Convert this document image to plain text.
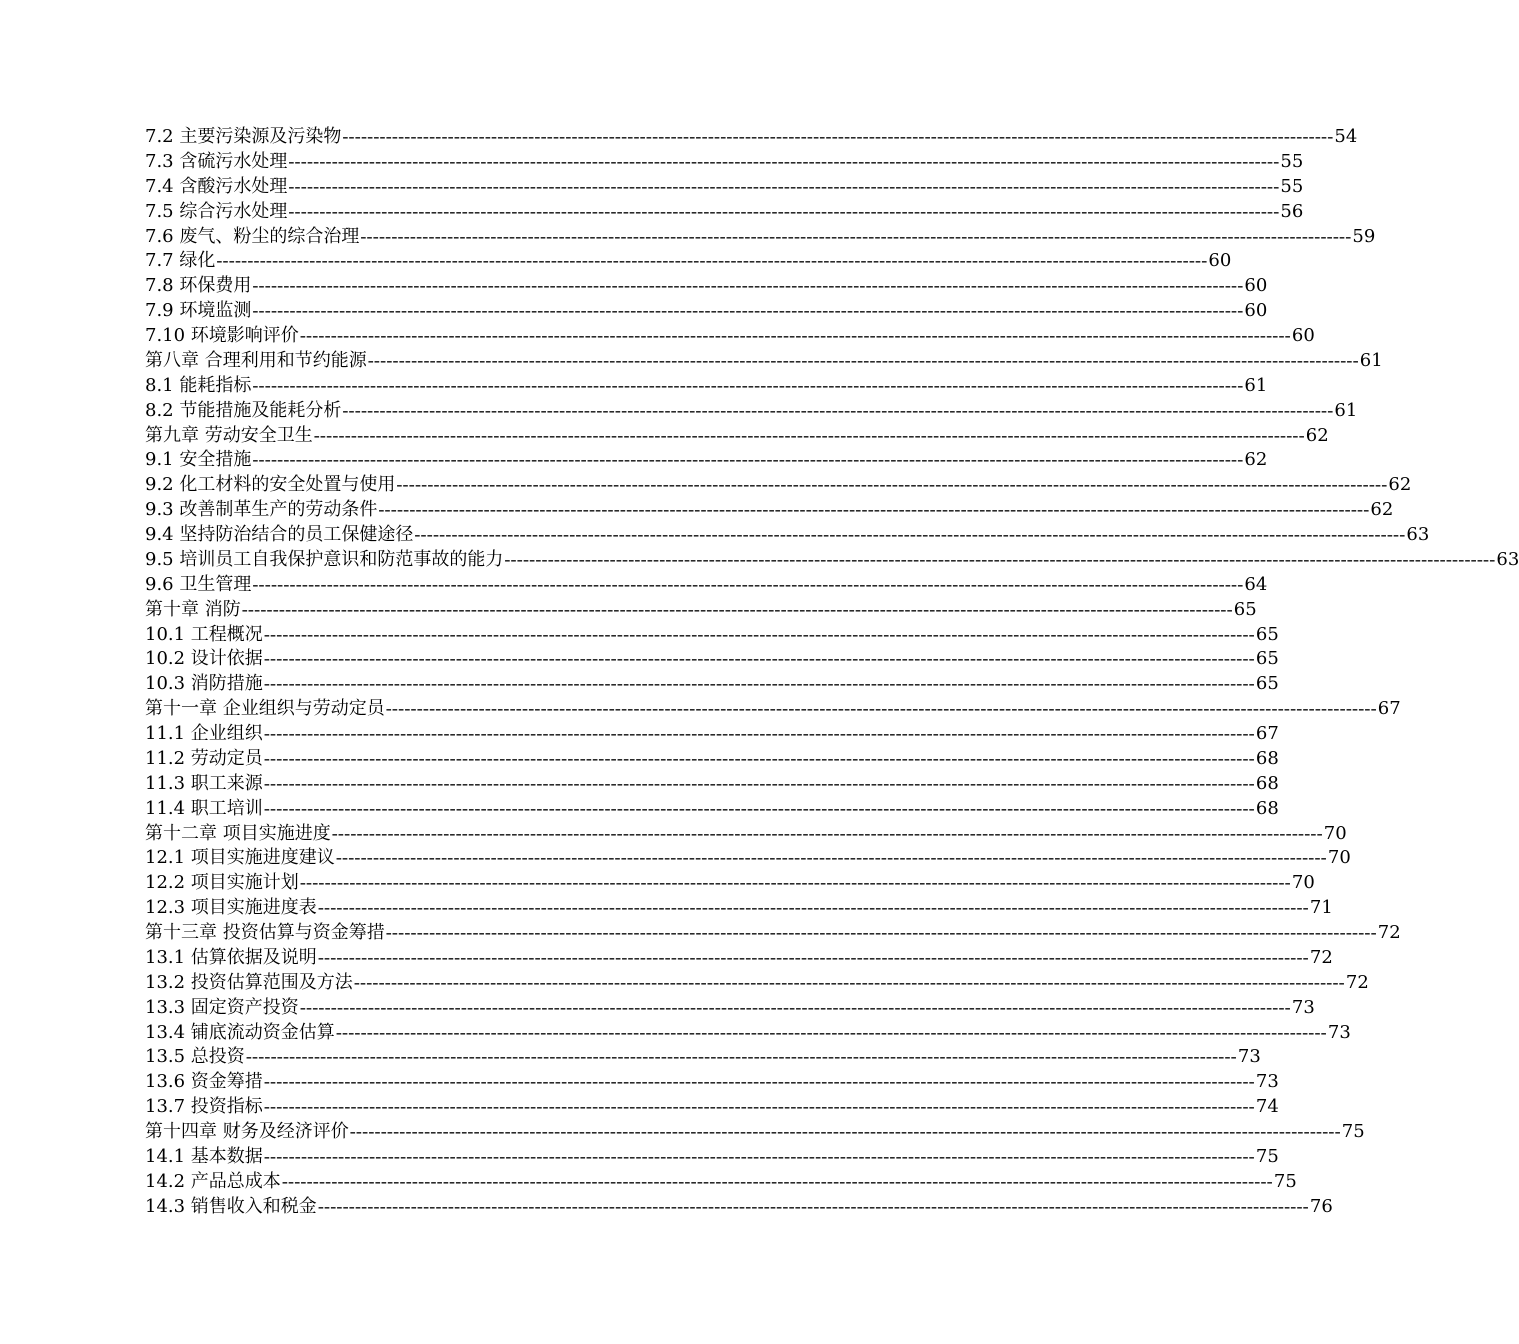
7.2 主要污染源及污染物 ---------------------------------------------------------------------------------------------------------------------------------------------------------------- 54
7.3 含硫污水处理 ---------------------------------------------------------------------------------------------------------------------------------------------------------------- 55
7.4 含酸污水处理 ---------------------------------------------------------------------------------------------------------------------------------------------------------------- 55
7.5 综合污水处理 ---------------------------------------------------------------------------------------------------------------------------------------------------------------- 56
7.6 废气、粉尘的综合治理 ---------------------------------------------------------------------------------------------------------------------------------------------------------------- 59
7.7 绿化 ---------------------------------------------------------------------------------------------------------------------------------------------------------------- 60
7.8 环保费用 ---------------------------------------------------------------------------------------------------------------------------------------------------------------- 60
7.9 环境监测 ---------------------------------------------------------------------------------------------------------------------------------------------------------------- 60
7.10 环境影响评价 ---------------------------------------------------------------------------------------------------------------------------------------------------------------- 60
第八章 合理利用和节约能源 ---------------------------------------------------------------------------------------------------------------------------------------------------------------- 61
8.1 能耗指标 ---------------------------------------------------------------------------------------------------------------------------------------------------------------- 61
8.2 节能措施及能耗分析 ---------------------------------------------------------------------------------------------------------------------------------------------------------------- 61
第九章 劳动安全卫生 ---------------------------------------------------------------------------------------------------------------------------------------------------------------- 62
9.1 安全措施 ---------------------------------------------------------------------------------------------------------------------------------------------------------------- 62
9.2 化工材料的安全处置与使用 ---------------------------------------------------------------------------------------------------------------------------------------------------------------- 62
9.3 改善制革生产的劳动条件 ---------------------------------------------------------------------------------------------------------------------------------------------------------------- 62
9.4 坚持防治结合的员工保健途径 ---------------------------------------------------------------------------------------------------------------------------------------------------------------- 63
9.5 培训员工自我保护意识和防范事故的能力 ---------------------------------------------------------------------------------------------------------------------------------------------------------------- 63
9.6 卫生管理 ---------------------------------------------------------------------------------------------------------------------------------------------------------------- 64
第十章 消防 ---------------------------------------------------------------------------------------------------------------------------------------------------------------- 65
10.1 工程概况 ---------------------------------------------------------------------------------------------------------------------------------------------------------------- 65
10.2 设计依据 ---------------------------------------------------------------------------------------------------------------------------------------------------------------- 65
10.3 消防措施 ---------------------------------------------------------------------------------------------------------------------------------------------------------------- 65
第十一章 企业组织与劳动定员 ---------------------------------------------------------------------------------------------------------------------------------------------------------------- 67
11.1 企业组织 ---------------------------------------------------------------------------------------------------------------------------------------------------------------- 67
11.2 劳动定员 ---------------------------------------------------------------------------------------------------------------------------------------------------------------- 68
11.3 职工来源 ---------------------------------------------------------------------------------------------------------------------------------------------------------------- 68
11.4 职工培训 ---------------------------------------------------------------------------------------------------------------------------------------------------------------- 68
第十二章 项目实施进度 ---------------------------------------------------------------------------------------------------------------------------------------------------------------- 70
12.1 项目实施进度建议 ---------------------------------------------------------------------------------------------------------------------------------------------------------------- 70
12.2 项目实施计划 ---------------------------------------------------------------------------------------------------------------------------------------------------------------- 70
12.3 项目实施进度表 ---------------------------------------------------------------------------------------------------------------------------------------------------------------- 71
第十三章 投资估算与资金筹措 ---------------------------------------------------------------------------------------------------------------------------------------------------------------- 72
13.1 估算依据及说明 ---------------------------------------------------------------------------------------------------------------------------------------------------------------- 72
13.2 投资估算范围及方法 ---------------------------------------------------------------------------------------------------------------------------------------------------------------- 72
13.3 固定资产投资 ---------------------------------------------------------------------------------------------------------------------------------------------------------------- 73
13.4 铺底流动资金估算 ---------------------------------------------------------------------------------------------------------------------------------------------------------------- 73
13.5 总投资 ---------------------------------------------------------------------------------------------------------------------------------------------------------------- 73
13.6 资金筹措 ---------------------------------------------------------------------------------------------------------------------------------------------------------------- 73
13.7 投资指标 ---------------------------------------------------------------------------------------------------------------------------------------------------------------- 74
第十四章 财务及经济评价 ---------------------------------------------------------------------------------------------------------------------------------------------------------------- 75
14.1 基本数据 ---------------------------------------------------------------------------------------------------------------------------------------------------------------- 75
14.2 产品总成本 ---------------------------------------------------------------------------------------------------------------------------------------------------------------- 75
14.3 销售收入和税金 ---------------------------------------------------------------------------------------------------------------------------------------------------------------- 76
